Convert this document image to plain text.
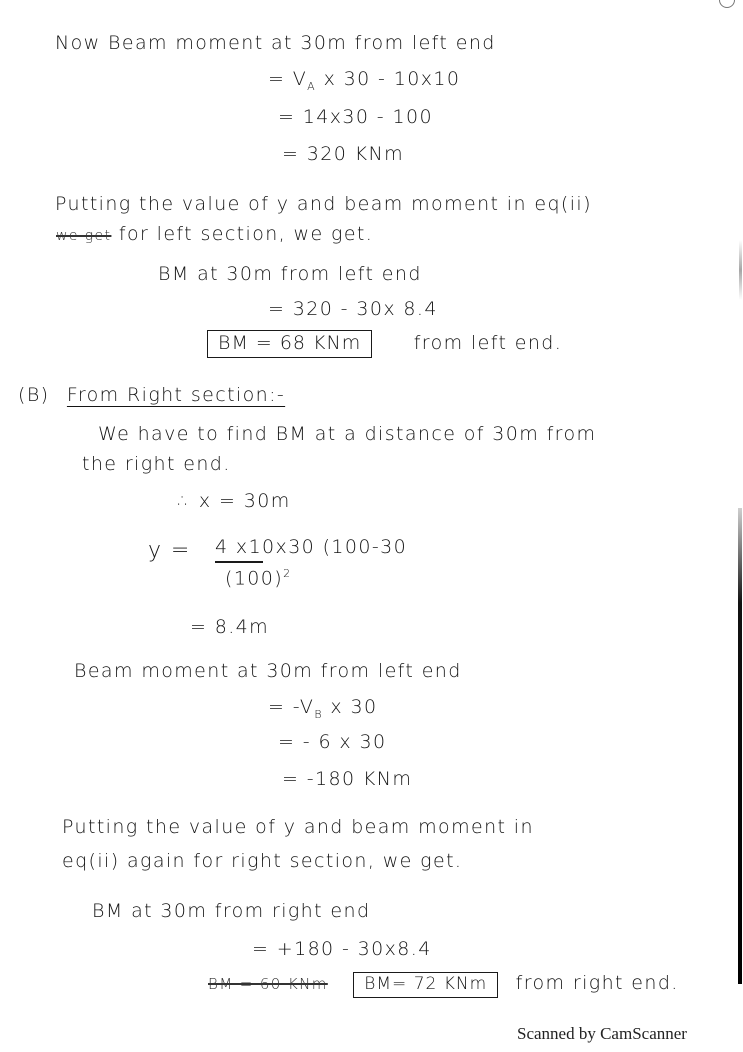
Now Beam moment at 30m from left end
= $V_A$ x 30 - 10x10
= 14x30 - 100
= 320 KNm
Putting the value of y and beam moment in eq(ii)
we get for left section, we get.
BM at 30m from left end
= 320 - 30x 8.4
BM = 68 KNm	from left end.
(B) From Right section:-
We have to find BM at a distance of 30m from
the right end.
∴ x = 30m
y = 4 x10x30 (100-30
$(100)^2$
= 8.4m
Beam moment at 30m from left end
= $-V_B$ x 30
= - 6 x 30
= -180 KNm
Putting the value of y and beam moment in
eq(ii) again for right section, we get.
BM at 30m from right end
= +180 - 30x8.4
BM = 60 KNm BM= 72 KNm from right end.
Scanned by CamScanner
